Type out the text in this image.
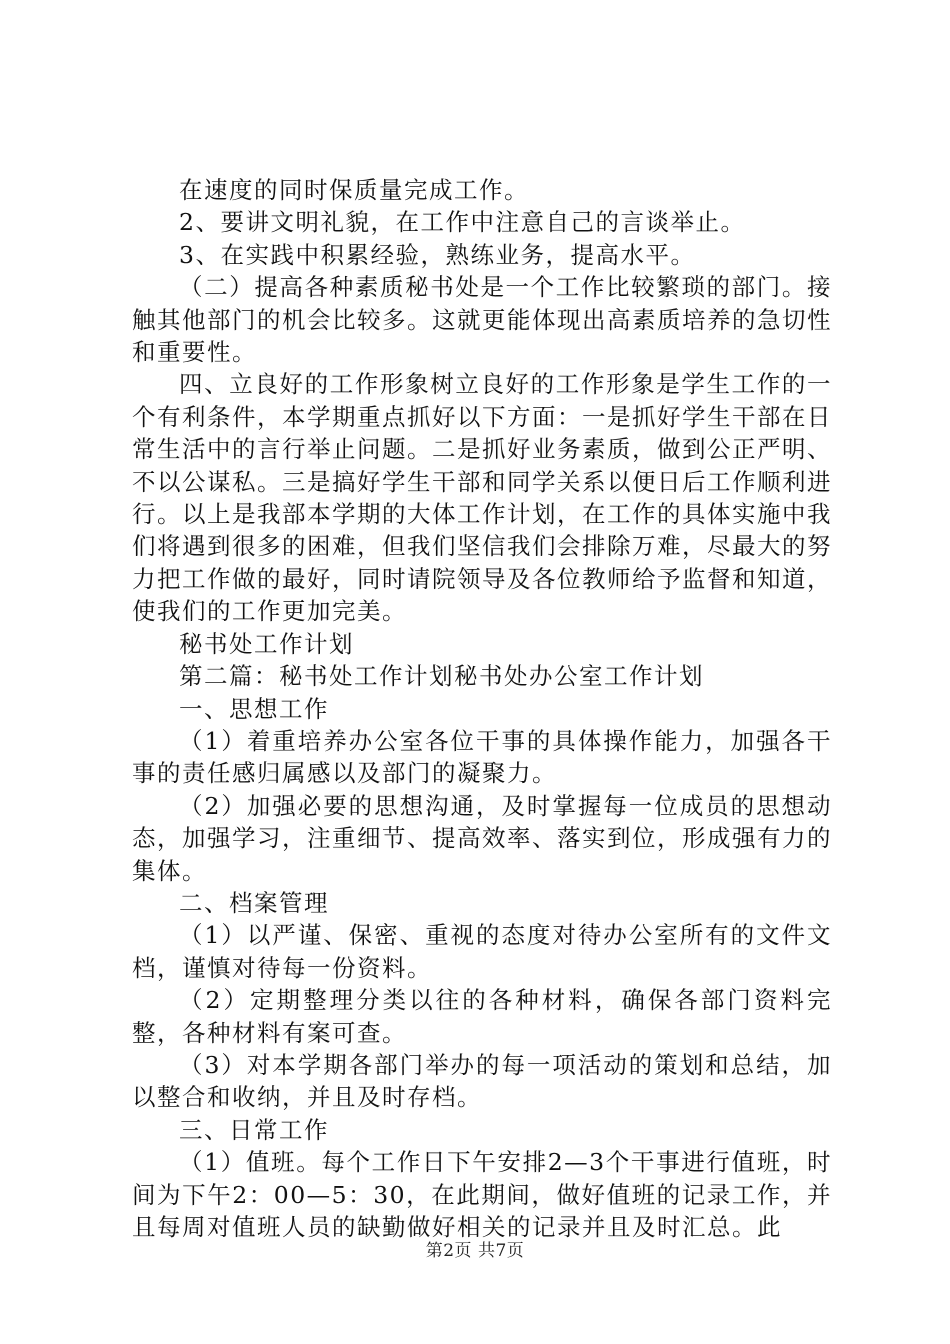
在速度的同时保质量完成工作。

2、要讲文明礼貌，在工作中注意自己的言谈举止。

3、在实践中积累经验，熟练业务，提高水平。

（二）提高各种素质秘书处是一个工作比较繁琐的部门。接触其他部门的机会比较多。这就更能体现出高素质培养的急切性和重要性。

四、立良好的工作形象树立良好的工作形象是学生工作的一个有利条件，本学期重点抓好以下方面：一是抓好学生干部在日常生活中的言行举止问题。二是抓好业务素质，做到公正严明、不以公谋私。三是搞好学生干部和同学关系以便日后工作顺利进行。以上是我部本学期的大体工作计划，在工作的具体实施中我们将遇到很多的困难，但我们坚信我们会排除万难，尽最大的努力把工作做的最好，同时请院领导及各位教师给予监督和知道，使我们的工作更加完美。

秘书处工作计划

第二篇：秘书处工作计划秘书处办公室工作计划

一、思想工作

（1）着重培养办公室各位干事的具体操作能力，加强各干事的责任感归属感以及部门的凝聚力。

（2）加强必要的思想沟通，及时掌握每一位成员的思想动态，加强学习，注重细节、提高效率、落实到位，形成强有力的集体。

二、档案管理

（1）以严谨、保密、重视的态度对待办公室所有的文件文档，谨慎对待每一份资料。

（2）定期整理分类以往的各种材料，确保各部门资料完整，各种材料有案可查。

（3）对本学期各部门举办的每一项活动的策划和总结，加以整合和收纳，并且及时存档。

三、日常工作

（1）值班。每个工作日下午安排2—3个干事进行值班，时间为下午2：00—5：30，在此期间，做好值班的记录工作，并且每周对值班人员的缺勤做好相关的记录并且及时汇总。此

第2页 共7页
